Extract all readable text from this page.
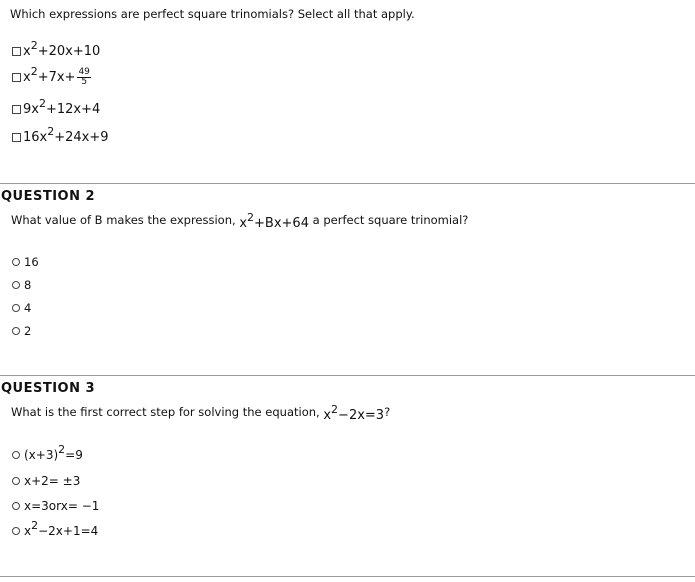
Which expressions are perfect square trinomials? Select all that apply.
$x^2+20x+10$
$x^2+7x+ \frac{49}{5}$
$9x^2+12x+4$
$16x^2+24x+9$
QUESTION 2
What value of B makes the expression, $x^2+Bx+64$ a perfect square trinomial?
16
8
4
2
QUESTION 3
What is the first correct step for solving the equation, $x^2-2x=3$?
$(x+3)^2=9$
x+2= ±3
x=3orx= −1
$x^2-2x+1=4$
